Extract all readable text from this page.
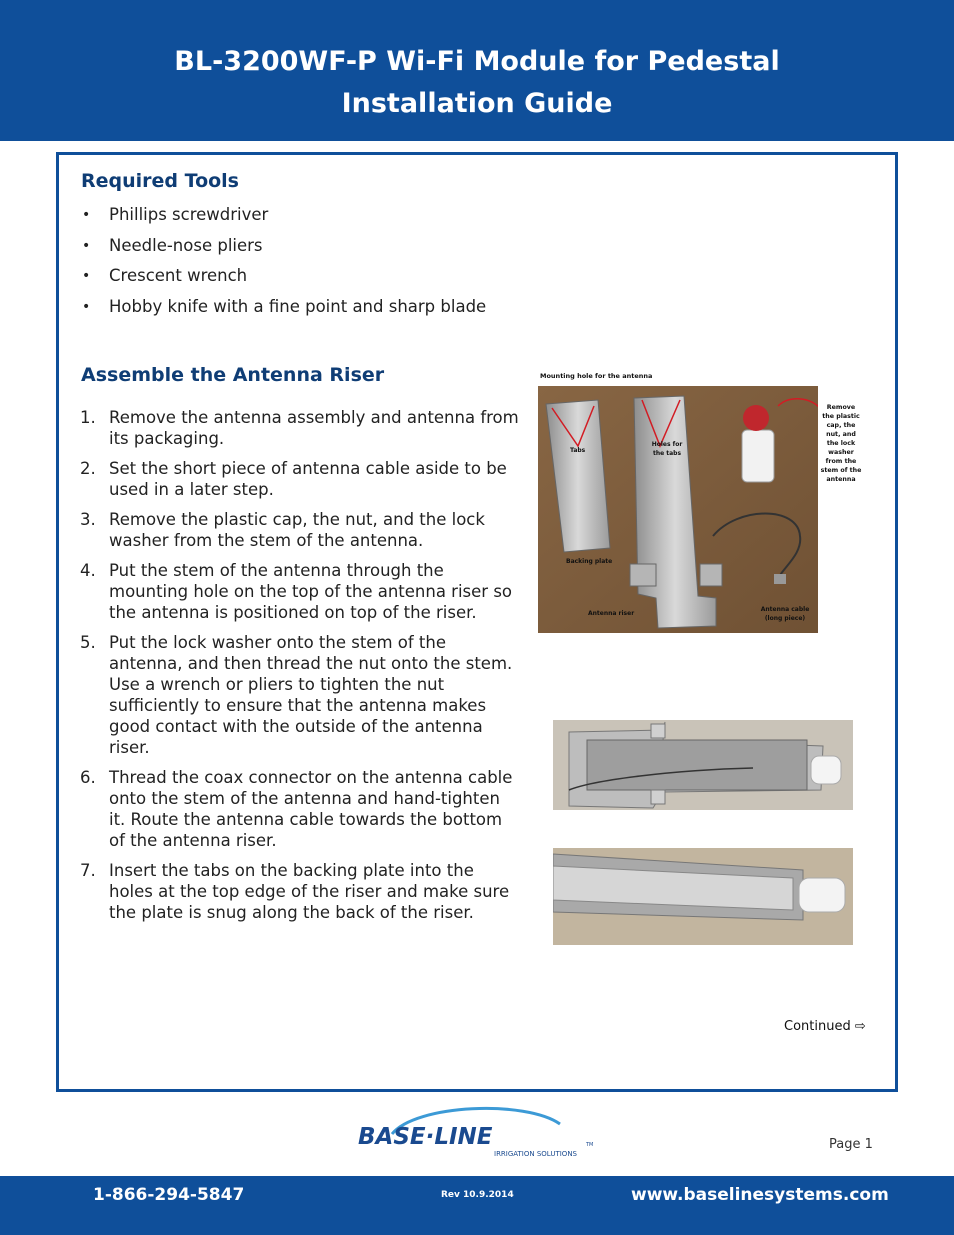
BL-3200WF-P Wi-Fi Module for Pedestal
Installation Guide
Required Tools
• Phillips screwdriver
• Needle-nose pliers
• Crescent wrench
• Hobby knife with a fine point and sharp blade
Assemble the Antenna Riser
1. Remove the antenna assembly and antenna from its packaging.
2. Set the short piece of antenna cable aside to be used in a later step.
3. Remove the plastic cap, the nut, and the lock washer from the stem of the antenna.
4. Put the stem of the antenna through the mounting hole on the top of the antenna riser so the antenna is positioned on top of the riser.
5. Put the lock washer onto the stem of the antenna, and then thread the nut onto the stem. Use a wrench or pliers to tighten the nut sufficiently to ensure that the antenna makes good contact with the outside of the antenna riser.
6. Thread the coax connector on the antenna cable onto the stem of the antenna and hand-tighten it. Route the antenna cable towards the bottom of the antenna riser.
7. Insert the tabs on the backing plate into the holes at the top edge of the riser and make sure the plate is snug along the back of the riser.
Mounting hole for the antenna
Tabs
Holes for the tabs
Backing plate
Antenna riser
Antenna cable (long piece)
Remove the plastic cap, the nut, and the lock washer from the stem of the antenna
Continued ⇨
BASE·LINE	TM
IRRIGATION SOLUTIONS
Page 1
1-866-294-5847	Rev 10.9.2014	www.baselinesystems.com
